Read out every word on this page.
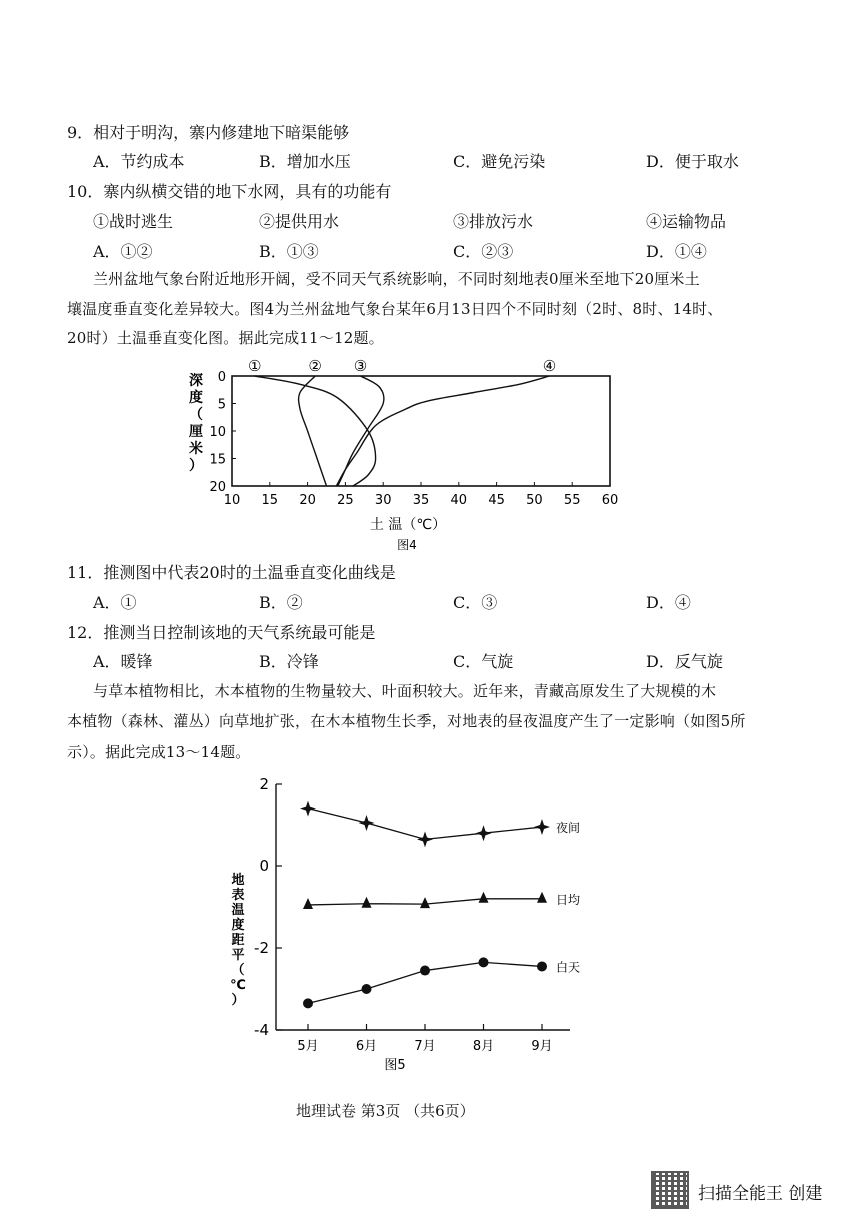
9．相对于明沟，寨内修建地下暗渠能够
A．节约成本	B．增加水压	C．避免污染	D．便于取水
10．寨内纵横交错的地下水网，具有的功能有
①战时逃生	②提供用水	③排放污水	④运输物品
A．①②	B．①③	C．②③	D．①④
兰州盆地气象台附近地形开阔，受不同天气系统影响，不同时刻地表0厘米至地下20厘米土
壤温度垂直变化差异较大。图4为兰州盆地气象台某年6月13日四个不同时刻（2时、8时、14时、
20时）土温垂直变化图。据此完成11～12题。
10 15 20 25 30 35 40 45 50 55 60
0
5
10
15
20
①	② ③	④
深
度
（
厘
米
）
土 温（℃）
图4
11．推测图中代表20时的土温垂直变化曲线是
A．①	B．②	C．③	D．④
12．推测当日控制该地的天气系统最可能是
A．暖锋	B．冷锋	C．气旋	D．反气旋
与草本植物相比，木本植物的生物量较大、叶面积较大。近年来，青藏高原发生了大规模的木
本植物（森林、灌丛）向草地扩张，在木本植物生长季，对地表的昼夜温度产生了一定影响（如图5所
示）。据此完成13～14题。
2
0
-2
-4
5月	6月	7月	8月	9月
夜间
日均
白天
地
表
温
度
距
平
（
℃
）
图5
地理试卷 第3页 （共6页）
扫描全能王 创建
